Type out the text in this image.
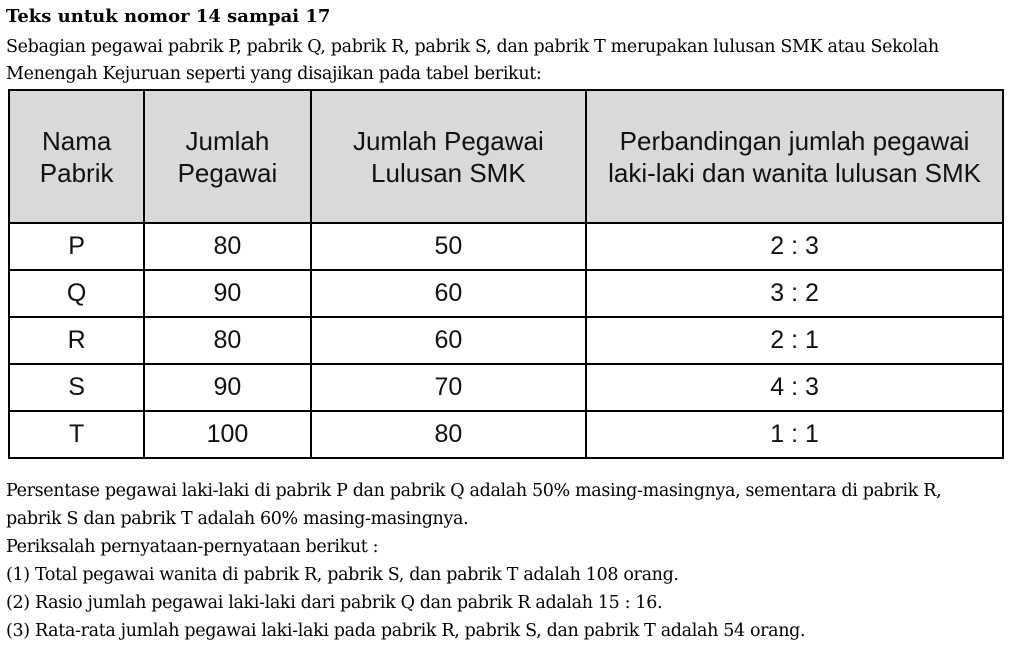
Teks untuk nomor 14 sampai 17
Sebagian pegawai pabrik P, pabrik Q, pabrik R, pabrik S, dan pabrik T merupakan lulusan SMK atau Sekolah
Menengah Kejuruan seperti yang disajikan pada tabel berikut:
Nama Pabrik	Jumlah Pegawai	Jumlah Pegawai Lulusan SMK	Perbandingan jumlah pegawai laki-laki dan wanita lulusan SMK
P	80	50	2 : 3
Q	90	60	3 : 2
R	80	60	2 : 1
S	90	70	4 : 3
T	100	80	1 : 1
Persentase pegawai laki-laki di pabrik P dan pabrik Q adalah 50% masing-masingnya, sementara di pabrik R,
pabrik S dan pabrik T adalah 60% masing-masingnya.
Periksalah pernyataan-pernyataan berikut :
(1) Total pegawai wanita di pabrik R, pabrik S, dan pabrik T adalah 108 orang.
(2) Rasio jumlah pegawai laki-laki dari pabrik Q dan pabrik R adalah 15 : 16.
(3) Rata-rata jumlah pegawai laki-laki pada pabrik R, pabrik S, dan pabrik T adalah 54 orang.
